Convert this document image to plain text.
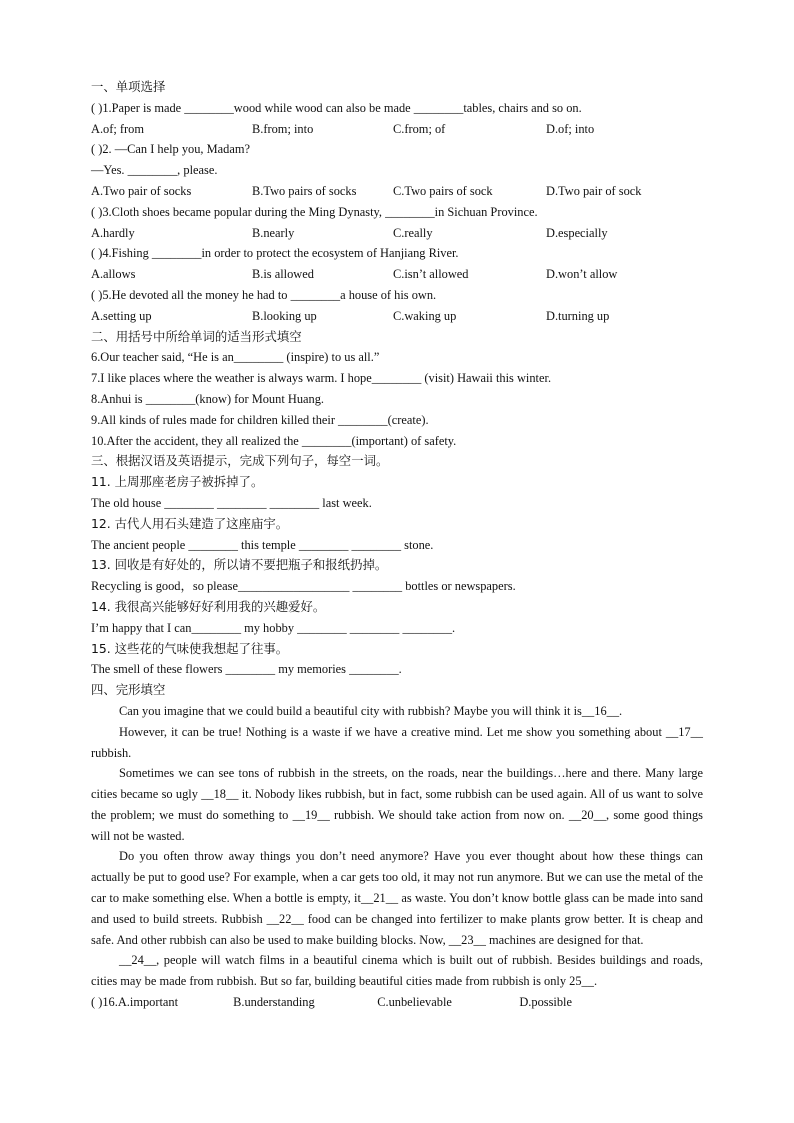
一、单项选择
( )1.Paper is made ________wood while wood can also be made ________tables, chairs and so on.
A.of; from	B.from; into	C.from; of	D.of; into
( )2. —Can I help you, Madam?
—Yes. ________, please.
A.Two pair of socks	B.Two pairs of socks	C.Two pairs of sock	D.Two pair of sock
( )3.Cloth shoes became popular during the Ming Dynasty, ________in Sichuan Province.
A.hardly	B.nearly	C.really	D.especially
( )4.Fishing ________in order to protect the ecosystem of Hanjiang River.
A.allows	B.is allowed	C.isn’t allowed	D.won’t allow
( )5.He devoted all the money he had to ________a house of his own.
A.setting up	B.looking up	C.waking up	D.turning up
二、用括号中所给单词的适当形式填空
6.Our teacher said, “He is an________ (inspire) to us all.”
7.I like places where the weather is always warm. I hope________ (visit) Hawaii this winter.
8.Anhui is ________(know) for Mount Huang.
9.All kinds of rules made for children killed their ________(create).
10.After the accident, they all realized the ________(important) of safety.
三、根据汉语及英语提示，完成下列句子，每空一词。
11. 上周那座老房子被拆掉了。
The old house ________ ________ ________ last week.
12. 古代人用石头建造了这座庙宇。
The ancient people ________ this temple ________ ________ stone.
13. 回收是有好处的，所以请不要把瓶子和报纸扔掉。
Recycling is good，so please__________________ ________ bottles or newspapers.
14. 我很高兴能够好好利用我的兴趣爱好。
I’m happy that I can________ my hobby ________ ________ ________.
15. 这些花的气味使我想起了往事。
The smell of these flowers ________ my memories ________.
四、完形填空

Can you imagine that we could build a beautiful city with rubbish? Maybe you will think it is__16__.

However, it can be true! Nothing is a waste if we have a creative mind. Let me show you something about __17__ rubbish.

Sometimes we can see tons of rubbish in the streets, on the roads, near the buildings…here and there. Many large cities became so ugly __18__ it. Nobody likes rubbish, but in fact, some rubbish can be used again. All of us want to solve the problem; we must do something to __19__ rubbish. We should take action from now on. __20__, some good things will not be wasted.

Do you often throw away things you don’t need anymore? Have you ever thought about how these things can actually be put to good use? For example, when a car gets too old, it may not run anymore. But we can use the metal of the car to make something else. When a bottle is empty, it__21__ as waste. You don’t know bottle glass can be made into sand and used to build streets. Rubbish __22__ food can be changed into fertilizer to make plants grow better. It is cheap and safe. And other rubbish can also be used to make building blocks. Now, __23__ machines are designed for that.

__24__, people will watch films in a beautiful cinema which is built out of rubbish. Besides buildings and roads, cities may be made from rubbish. But so far, building beautiful cities made from rubbish is only 25__.

( )16.A.important	B.understanding	C.unbelievable	D.possible
